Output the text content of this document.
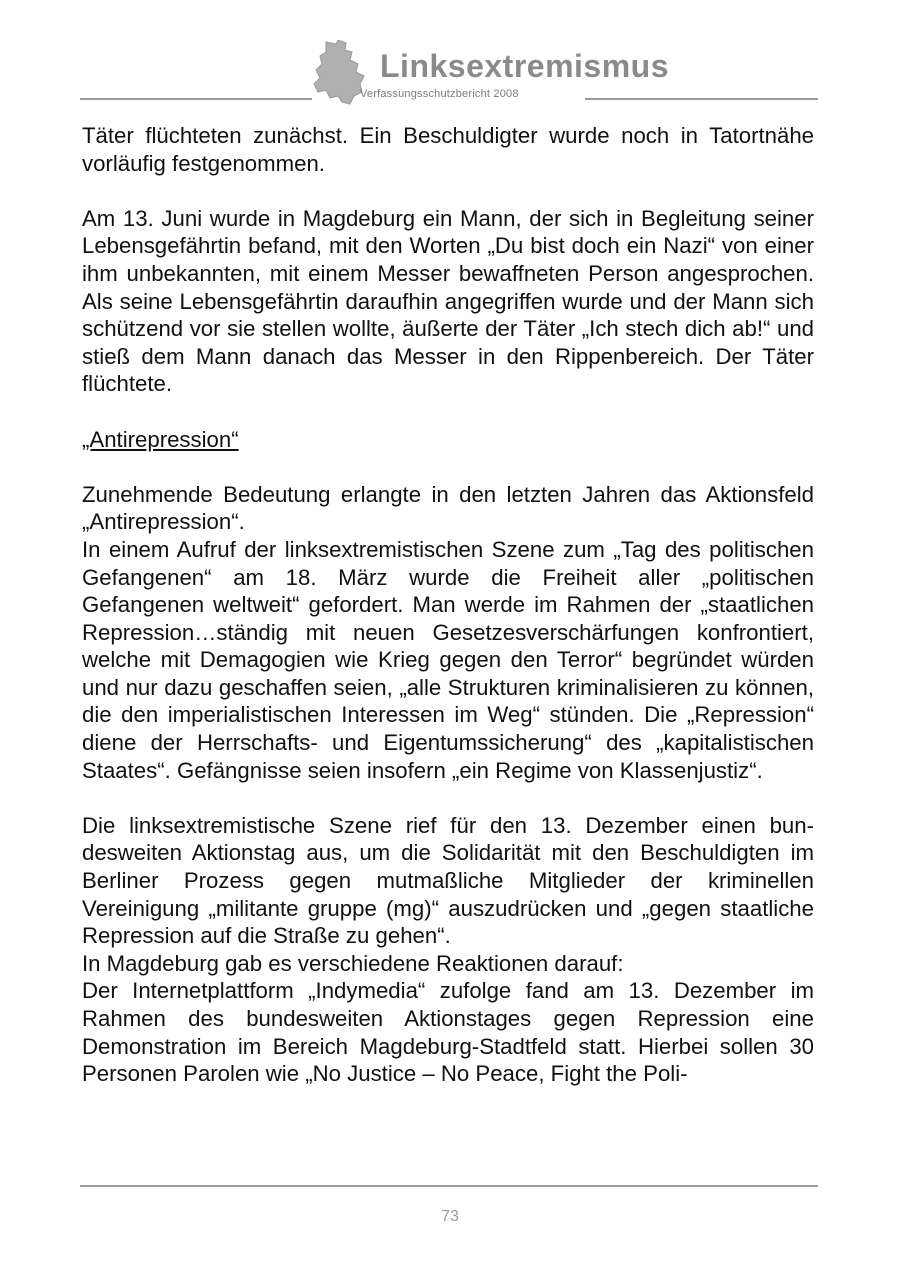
Linksextremismus
Verfassungsschutzbericht 2008

Täter flüchteten zunächst. Ein Beschuldigter wurde noch in Tatortnähe vorläufig festgenommen.

Am 13. Juni wurde in Magdeburg ein Mann, der sich in Begleitung seiner Lebensgefährtin befand, mit den Worten „Du bist doch ein Nazi“ von einer ihm unbekannten, mit einem Messer bewaffneten Person angesprochen. Als seine Lebensgefährtin daraufhin angegriffen wurde und der Mann sich schützend vor sie stellen wollte, äußerte der Täter „Ich stech dich ab!“ und stieß dem Mann danach das Messer in den Rippenbereich. Der Täter flüchtete.

„Antirepression“

Zunehmende Bedeutung erlangte in den letzten Jahren das Aktionsfeld „Antirepression“.

In einem Aufruf der linksextremistischen Szene zum „Tag des politischen Gefangenen“ am 18. März wurde die Freiheit aller „politischen Gefangenen weltweit“ gefordert. Man werde im Rahmen der „staatlichen Repression…ständig mit neuen Gesetzesverschärfungen konfrontiert, welche mit Demagogien wie Krieg gegen den Terror“ begründet würden und nur dazu geschaffen seien, „alle Strukturen kriminalisieren zu können, die den imperialistischen Interessen im Weg“ stünden. Die „Repression“ diene der Herrschafts- und Eigentumssicherung“ des „kapitalistischen Staates“. Gefängnisse seien insofern „ein Regime von Klassenjustiz“.

Die linksextremistische Szene rief für den 13. Dezember einen bundesweiten Aktionstag aus, um die Solidarität mit den Beschuldigten im Berliner Prozess gegen mutmaßliche Mitglieder der kriminellen Vereinigung „militante gruppe (mg)“ auszudrücken und „gegen staatliche Repression auf die Straße zu gehen“.

In Magdeburg gab es verschiedene Reaktionen darauf:

Der Internetplattform „Indymedia“ zufolge fand am 13. Dezember im Rahmen des bundesweiten Aktionstages gegen Repression eine Demonstration im Bereich Magdeburg-Stadtfeld statt. Hierbei sollen 30 Personen Parolen wie „No Justice – No Peace, Fight the Poli-

73
